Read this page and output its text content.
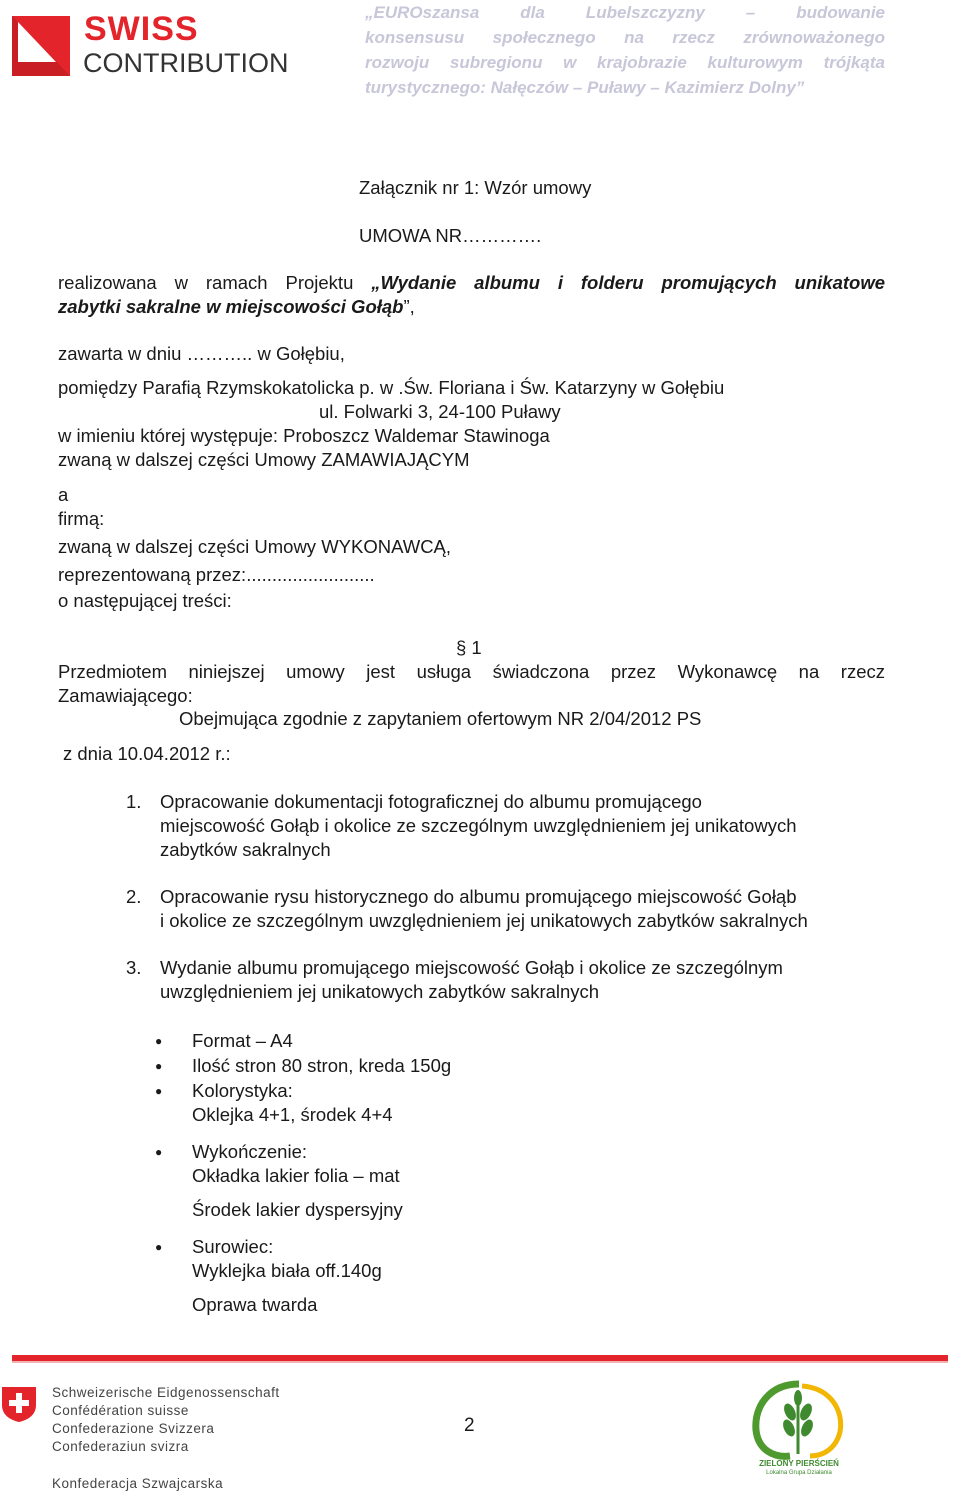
SWISS
CONTRIBUTION
„EUROszansa dla Lubelszczyzny – budowanie
konsensusu społecznego na rzecz zrównoważonego
rozwoju subregionu w krajobrazie kulturowym trójkąta
turystycznego: Nałęczów – Puławy – Kazimierz Dolny”
Załącznik nr 1: Wzór umowy
UMOWA NR………….
realizowana w ramach Projektu „Wydanie albumu i folderu promujących unikatowe
zabytki sakralne w miejscowości Gołąb”,
zawarta w dniu ……….. w Gołębiu,
pomiędzy Parafią Rzymskokatolicka p. w .Św. Floriana i Św. Katarzyny w Gołębiu
ul. Folwarki 3, 24-100 Puławy
w imieniu której występuje: Proboszcz Waldemar Stawinoga
zwaną w dalszej części Umowy ZAMAWIAJĄCYM
a
firmą:
zwaną w dalszej części Umowy WYKONAWCĄ,
reprezentowaną przez:.........................
o następującej treści:
§ 1
Przedmiotem niniejszej umowy jest usługa świadczona przez Wykonawcę na rzecz
Zamawiającego:
Obejmująca zgodnie z zapytaniem ofertowym NR 2/04/2012 PS
z dnia 10.04.2012 r.:
1. Opracowanie dokumentacji fotograficznej do albumu promującego
miejscowość Gołąb i okolice ze szczególnym uwzględnieniem jej unikatowych
zabytków sakralnych
2. Opracowanie rysu historycznego do albumu promującego miejscowość Gołąb
i okolice ze szczególnym uwzględnieniem jej unikatowych zabytków sakralnych
3. Wydanie albumu promującego miejscowość Gołąb i okolice ze szczególnym
uwzględnieniem jej unikatowych zabytków sakralnych
● Format – A4
● Ilość stron 80 stron, kreda 150g
● Kolorystyka:
Oklejka 4+1, środek 4+4
● Wykończenie:
Okładka lakier folia – mat
Środek lakier dyspersyjny
● Surowiec:
Wyklejka biała off.140g
Oprawa twarda
Schweizerische Eidgenossenschaft
Confédération suisse
Confederazione Svizzera
Confederaziun svizra
Konfederacja Szwajcarska
2
ZIELONY PIERŚCIEŃ
Lokalna Grupa Działania
